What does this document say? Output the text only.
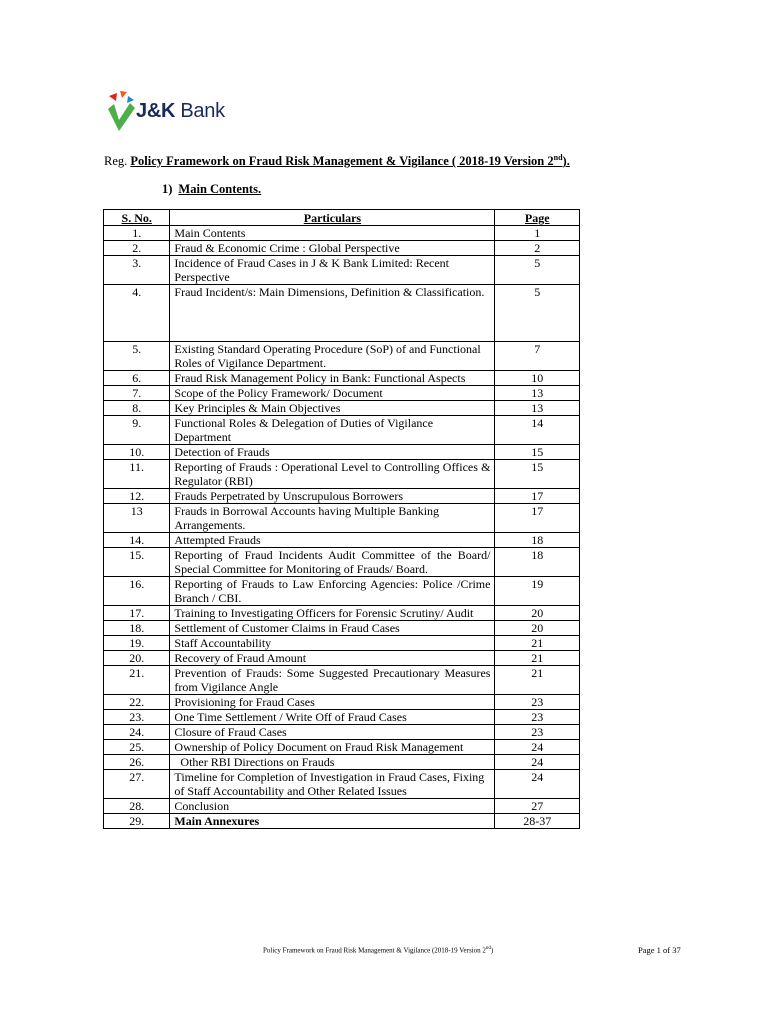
J&K Bank
Reg. Policy Framework on Fraud Risk Management & Vigilance ( 2018-19 Version 2nd).
1) Main Contents.
S. No.	Particulars	Page
1.	Main Contents	1
2.	Fraud & Economic Crime : Global Perspective	2
3.	Incidence of Fraud Cases in J & K Bank Limited: Recent Perspective	5
4.	Fraud Incident/s: Main Dimensions, Definition & Classification.	5
5.	Existing Standard Operating Procedure (SoP) of and Functional Roles of Vigilance Department.	7
6.	Fraud Risk Management Policy in Bank: Functional Aspects	10
7.	Scope of the Policy Framework/ Document	13
8.	Key Principles & Main Objectives	13
9.	Functional Roles & Delegation of Duties of Vigilance Department	14
10.	Detection of Frauds	15
11.	Reporting of Frauds : Operational Level to Controlling Offices & Regulator (RBI)	15
12.	Frauds Perpetrated by Unscrupulous Borrowers	17
13	Frauds in Borrowal Accounts having Multiple Banking Arrangements.	17
14.	Attempted Frauds	18
15.	Reporting of Fraud Incidents Audit Committee of the Board/ Special Committee for Monitoring of Frauds/ Board.	18
16.	Reporting of Frauds to Law Enforcing Agencies: Police /Crime Branch / CBI.	19
17.	Training to Investigating Officers for Forensic Scrutiny/ Audit	20
18.	Settlement of Customer Claims in Fraud Cases	20
19.	Staff Accountability	21
20.	Recovery of Fraud Amount	21
21.	Prevention of Frauds: Some Suggested Precautionary Measures from Vigilance Angle	21
22.	Provisioning for Fraud Cases	23
23.	One Time Settlement / Write Off of Fraud Cases	23
24.	Closure of Fraud Cases	23
25.	Ownership of Policy Document on Fraud Risk Management	24
26.	Other RBI Directions on Frauds	24
27.	Timeline for Completion of Investigation in Fraud Cases, Fixing of Staff Accountability and Other Related Issues	24
28.	Conclusion	27
29.	Main Annexures	28-37
Policy Framework on Fraud Risk Management & Vigilance (2018-19 Version 2nd)	Page 1 of 37
